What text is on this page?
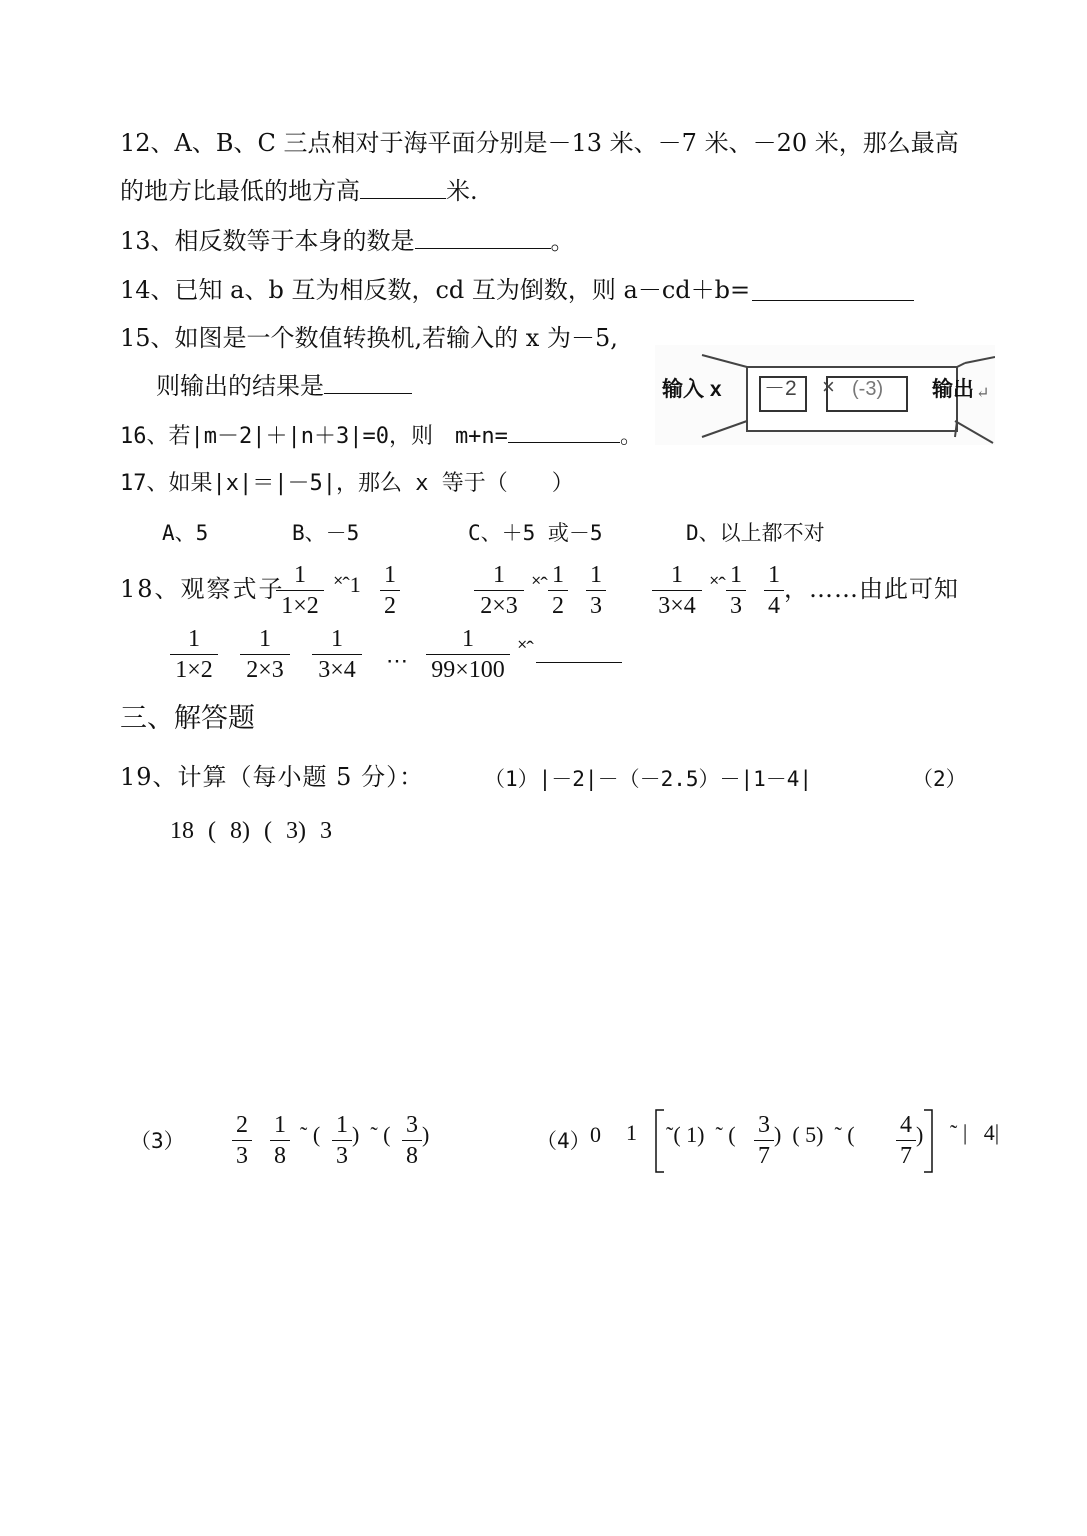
12、A、B、C 三点相对于海平面分别是－13 米、－7 米、－20 米，那么最高
的地方比最低的地方高	米.
13、相反数等于本身的数是	。
14、已知 a、b 互为相反数，cd 互为倒数，则 a－cd＋b=
15、如图是一个数值转换机,若输入的 x 为－5,
则输出的结果是	输入 x －2 × (-3) 输出 ↵
16、若|m－2|＋|n＋3|=0，则　m+n=	。
17、如果|x|＝|－5|，那么 x 等于（　　）
A、5	B、－5	C、＋5 或－5	D、以上都不对
18、观察式子 1
1×2
˟ˆ1 1
2
1
2×3
˟ˆ 1
2
1
3
1
3×4
˟ˆ 1
3
1
4
，……由此可知
1
1×2
1
2×3
1
3×4 ⋯
1
99×100
˟ˆ
三、解答题
19、计算（每小题 5 分）：	（1）|－2|－（－2.5）－|1－4|	（2）
18 ( 8) ( 3) 3
（3）
2
3
1
8
˜ ( 1
3
)  ˜ ( 3
8
)	（4） 0 1 ˜( 1)  ˜ ( 3
7
)  ( 5)  ˜ ( 4
7
) ˜ |   4|
